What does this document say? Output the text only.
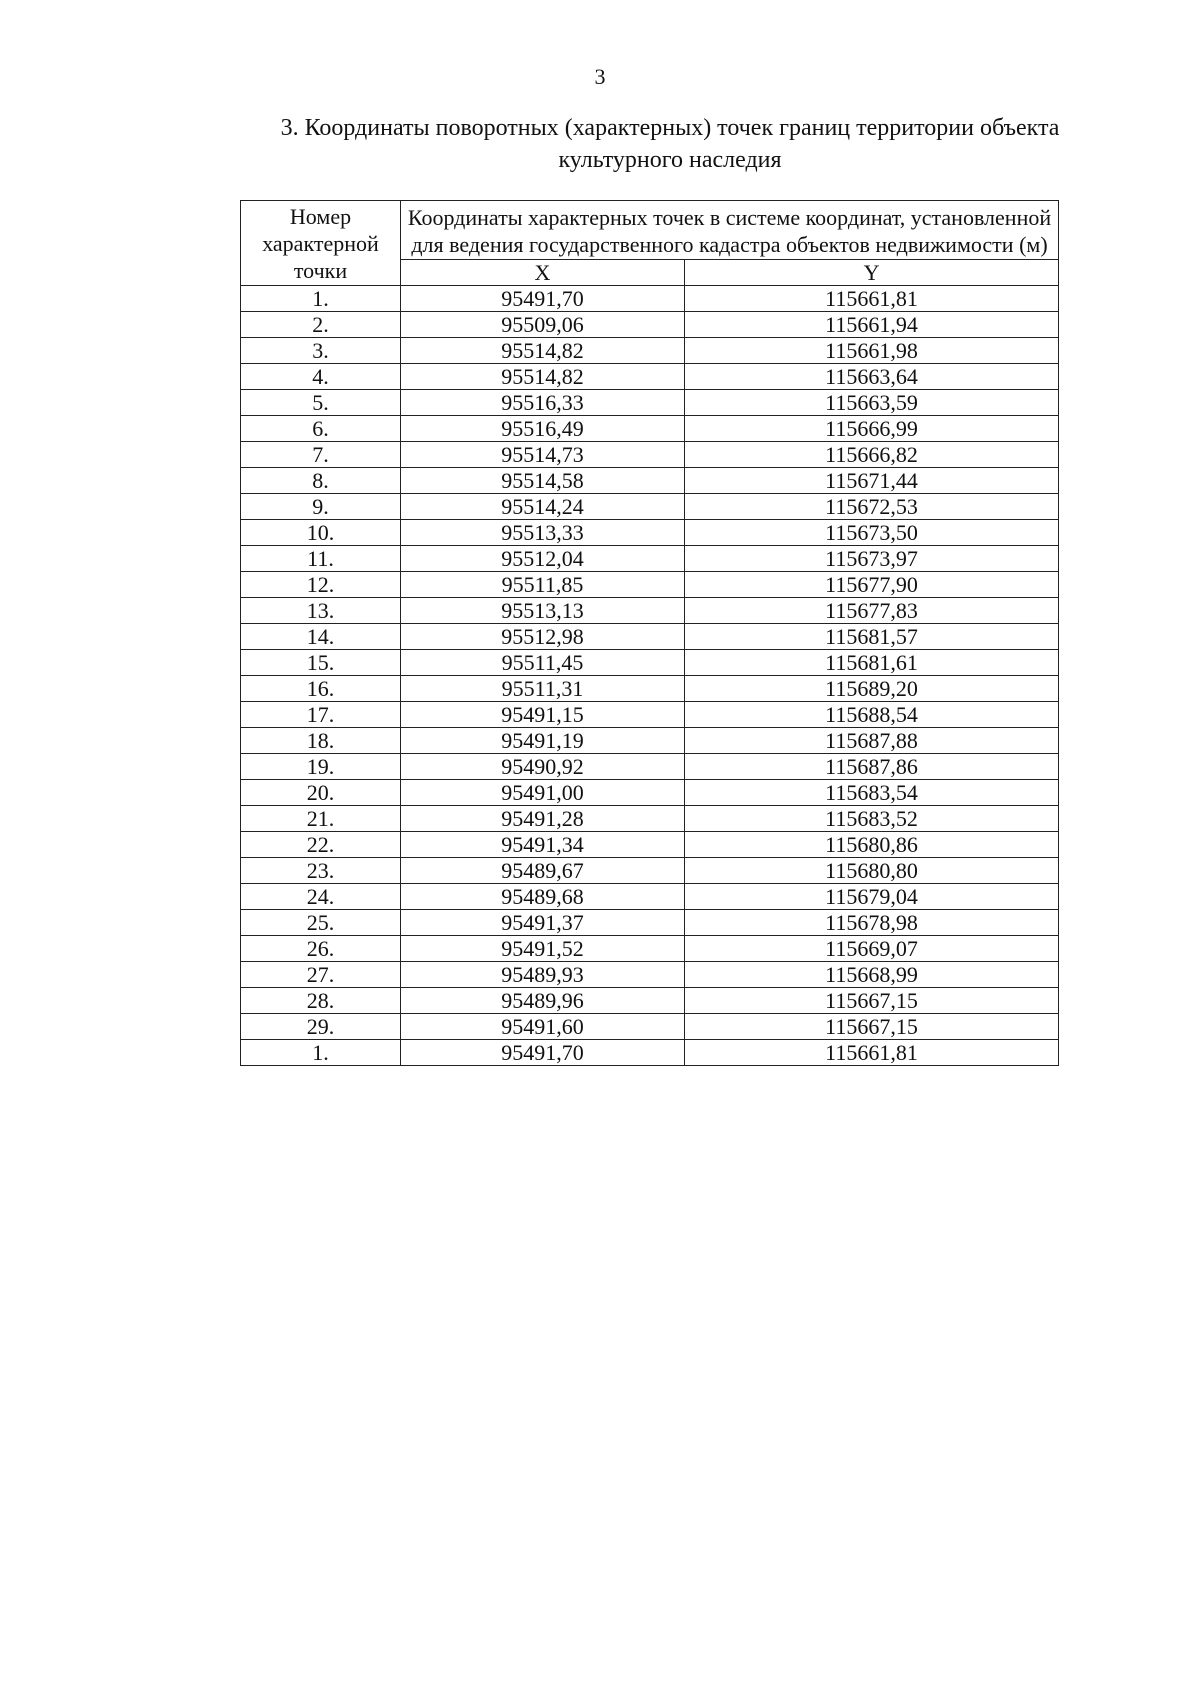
3
3. Координаты поворотных (характерных) точек границ территории объекта культурного наследия
Номер характерной точки	Координаты характерных точек в системе координат, установленной для ведения государственного кадастра объектов недвижимости (м)	
	X	Y
1.	95491,70	115661,81
2.	95509,06	115661,94
3.	95514,82	115661,98
4.	95514,82	115663,64
5.	95516,33	115663,59
6.	95516,49	115666,99
7.	95514,73	115666,82
8.	95514,58	115671,44
9.	95514,24	115672,53
10.	95513,33	115673,50
11.	95512,04	115673,97
12.	95511,85	115677,90
13.	95513,13	115677,83
14.	95512,98	115681,57
15.	95511,45	115681,61
16.	95511,31	115689,20
17.	95491,15	115688,54
18.	95491,19	115687,88
19.	95490,92	115687,86
20.	95491,00	115683,54
21.	95491,28	115683,52
22.	95491,34	115680,86
23.	95489,67	115680,80
24.	95489,68	115679,04
25.	95491,37	115678,98
26.	95491,52	115669,07
27.	95489,93	115668,99
28.	95489,96	115667,15
29.	95491,60	115667,15
1.	95491,70	115661,81
